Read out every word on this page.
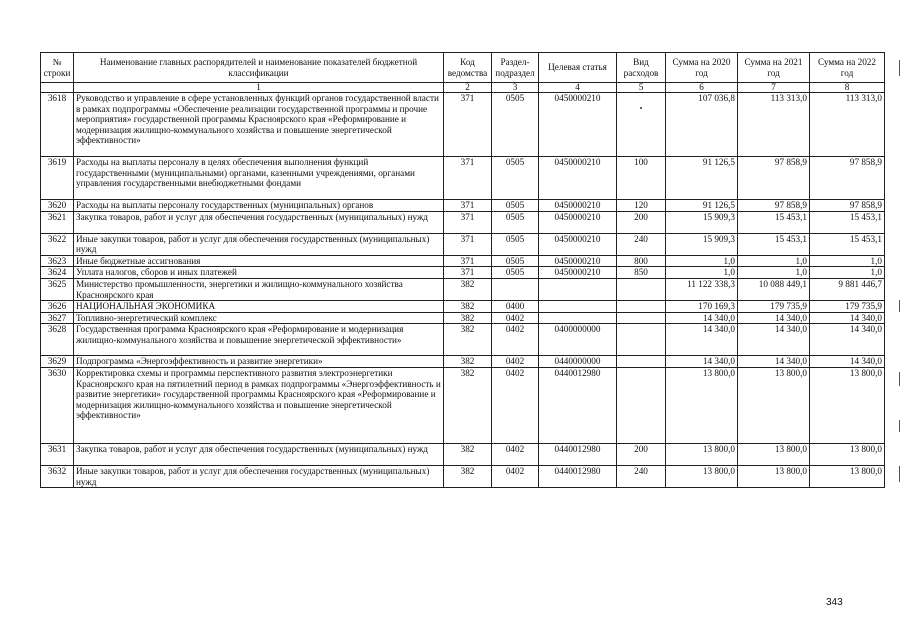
№ строки	Наименование главных распорядителей и наименование показателей бюджетной классификации	Код ведомства	Раздел-подраздел	Целевая статья	Вид расходов	Сумма на 2020 год	Сумма на 2021 год	Сумма на 2022 год
	1	2	3	4	5	6	7	8
3618	Руководство и управление в сфере установленных функций органов государственной власти в рамках подпрограммы «Обеспечение реализации государственной программы и прочие мероприятия» государственной программы Красноярского края «Реформирование и модернизация жилищно-коммунального хозяйства и повышение энергетической эффективности»	371	0505	0450000210		107 036,8	113 313,0	113 313,0
3619	Расходы на выплаты персоналу в целях обеспечения выполнения функций государственными (муниципальными) органами, казенными учреждениями, органами управления государственными внебюджетными фондами	371	0505	0450000210	100	91 126,5	97 858,9	97 858,9
3620	Расходы на выплаты персоналу государственных (муниципальных) органов	371	0505	0450000210	120	91 126,5	97 858,9	97 858,9
3621	Закупка товаров, работ и услуг для обеспечения государственных (муниципальных) нужд	371	0505	0450000210	200	15 909,3	15 453,1	15 453,1
3622	Иные закупки товаров, работ и услуг для обеспечения государственных (муниципальных) нужд	371	0505	0450000210	240	15 909,3	15 453,1	15 453,1
3623	Иные бюджетные ассигнования	371	0505	0450000210	800	1,0	1,0	1,0
3624	Уплата налогов, сборов и иных платежей	371	0505	0450000210	850	1,0	1,0	1,0
3625	Министерство промышленности, энергетики и жилищно-коммунального хозяйства Красноярского края	382				11 122 338,3	10 088 449,1	9 881 446,7
3626	НАЦИОНАЛЬНАЯ ЭКОНОМИКА	382	0400			170 169,3	179 735,9	179 735,9
3627	Топливно-энергетический комплекс	382	0402			14 340,0	14 340,0	14 340,0
3628	Государственная программа Красноярского края «Реформирование и модернизация жилищно-коммунального хозяйства и повышение энергетической эффективности»	382	0402	0400000000		14 340,0	14 340,0	14 340,0
3629	Подпрограмма «Энергоэффективность и развитие энергетики»	382	0402	0440000000		14 340,0	14 340,0	14 340,0
3630	Корректировка схемы и программы перспективного развития электроэнергетики Красноярского края на пятилетний период в рамках подпрограммы «Энергоэффективность и развитие энергетики» государственной программы Красноярского края «Реформирование и модернизация жилищно-коммунального хозяйства и повышение энергетической эффективности»	382	0402	0440012980		13 800,0	13 800,0	13 800,0
3631	Закупка товаров, работ и услуг для обеспечения государственных (муниципальных) нужд	382	0402	0440012980	200	13 800,0	13 800,0	13 800,0
3632	Иные закупки товаров, работ и услуг для обеспечения государственных (муниципальных) нужд	382	0402	0440012980	240	13 800,0	13 800,0	13 800,0
343
